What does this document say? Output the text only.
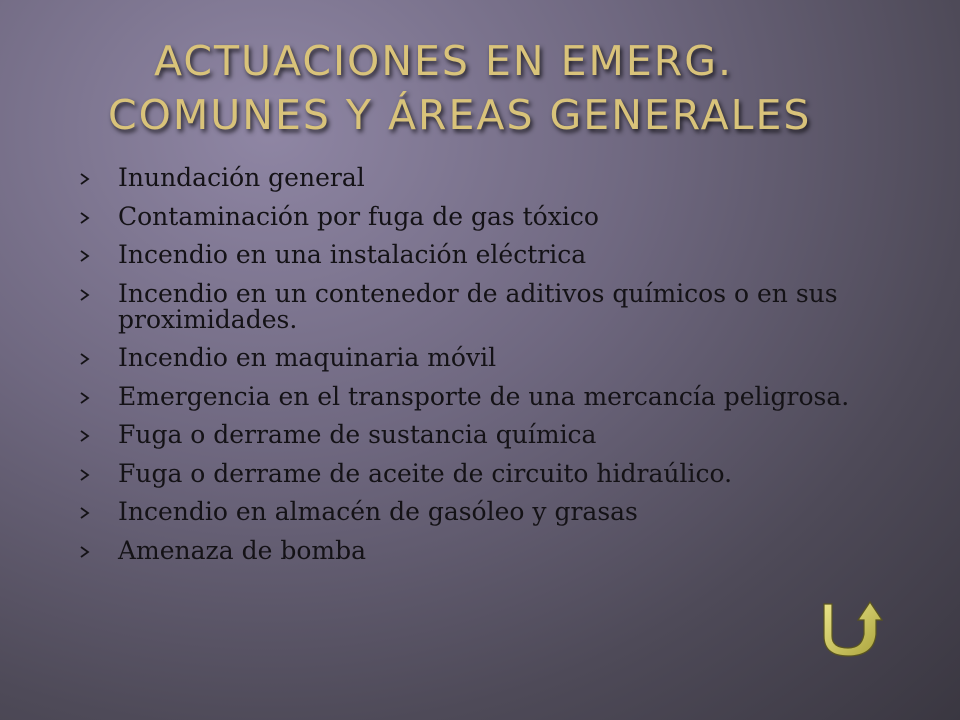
ACTUACIONES EN EMERG.
COMUNES Y ÁREAS GENERALES
Inundación general
Contaminación por fuga de gas tóxico
Incendio en una instalación eléctrica
Incendio en un contenedor de aditivos químicos o en sus proximidades.
Incendio en maquinaria móvil
Emergencia en el transporte de una mercancía peligrosa.
Fuga o derrame de sustancia química
Fuga o derrame de aceite de circuito hidraúlico.
Incendio en almacén de gasóleo y grasas
Amenaza de bomba
